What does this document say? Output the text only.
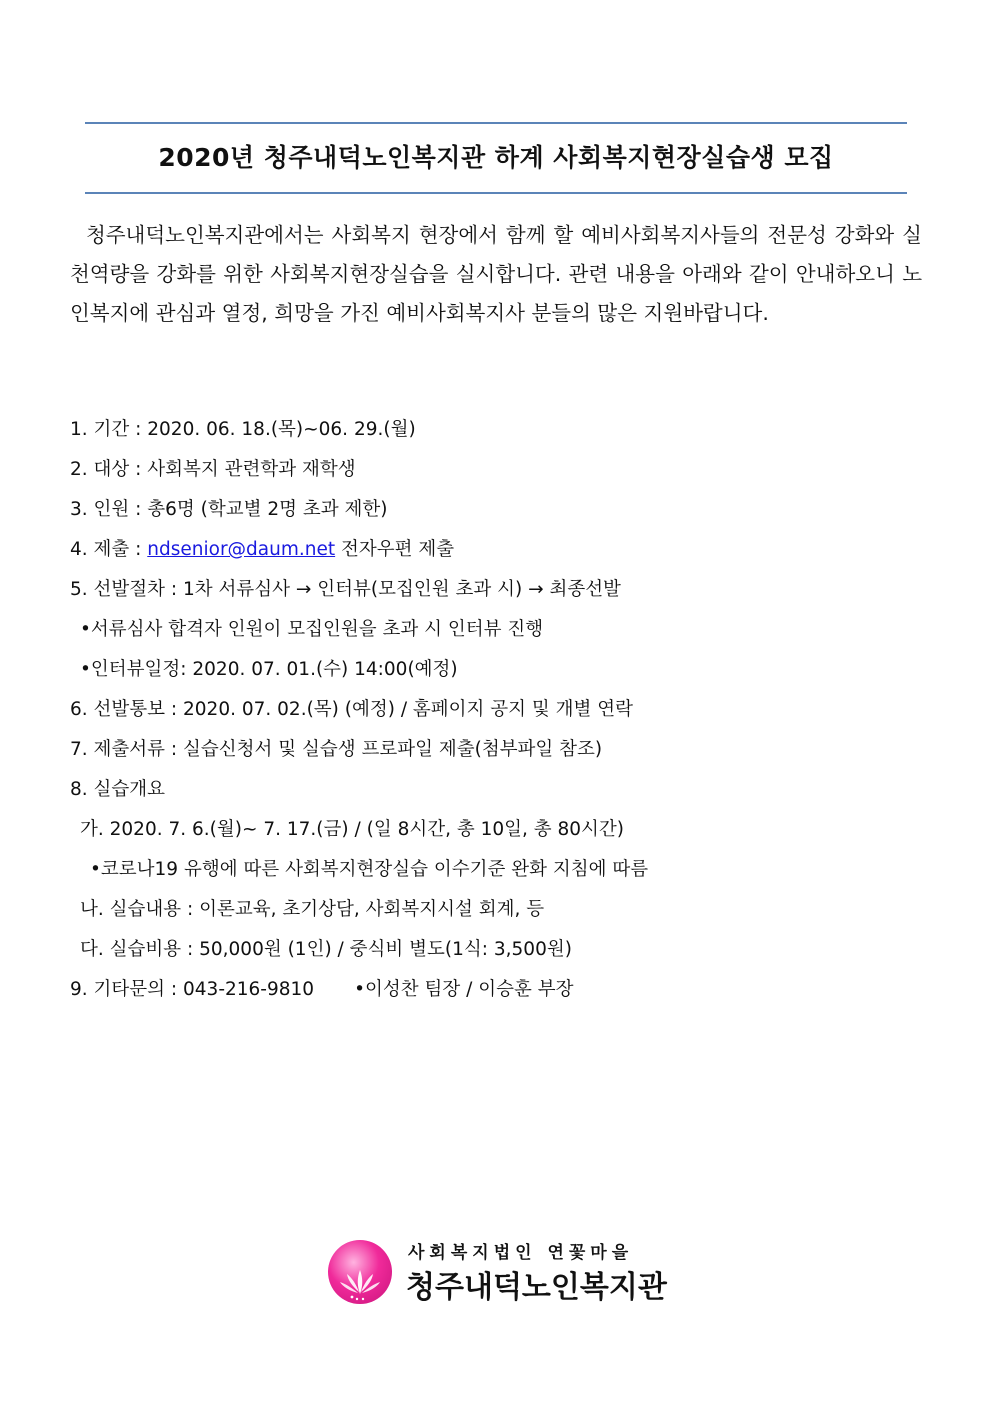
2020년 청주내덕노인복지관 하계 사회복지현장실습생 모집
청주내덕노인복지관에서는 사회복지 현장에서 함께 할 예비사회복지사들의 전문성 강화와 실천역량을 강화를 위한 사회복지현장실습을 실시합니다. 관련 내용을 아래와 같이 안내하오니 노인복지에 관심과 열정, 희망을 가진 예비사회복지사 분들의 많은 지원바랍니다.
1. 기간 : 2020. 06. 18.(목)~06. 29.(월)
2. 대상 : 사회복지 관련학과 재학생
3. 인원 : 총6명 (학교별 2명 초과 제한)
4. 제출 : ndsenior@daum.net 전자우편 제출
5. 선발절차 : 1차 서류심사 → 인터뷰(모집인원 초과 시) → 최종선발
•서류심사 합격자 인원이 모집인원을 초과 시 인터뷰 진행
•인터뷰일정: 2020. 07. 01.(수) 14:00(예정)
6. 선발통보 : 2020. 07. 02.(목) (예정) / 홈페이지 공지 및 개별 연락
7. 제출서류 : 실습신청서 및 실습생 프로파일 제출(첨부파일 참조)
8. 실습개요
가. 2020. 7. 6.(월)~ 7. 17.(금) / (일 8시간, 총 10일, 총 80시간)
•코로나19 유행에 따른 사회복지현장실습 이수기준 완화 지침에 따름
나. 실습내용 : 이론교육, 초기상담, 사회복지시설 회계, 등
다. 실습비용 : 50,000원 (1인) / 중식비 별도(1식: 3,500원)
9. 기타문의 : 043-216-9810 •이성찬 팀장 / 이승훈 부장
사회복지법인 연꽃마을
청주내덕노인복지관
